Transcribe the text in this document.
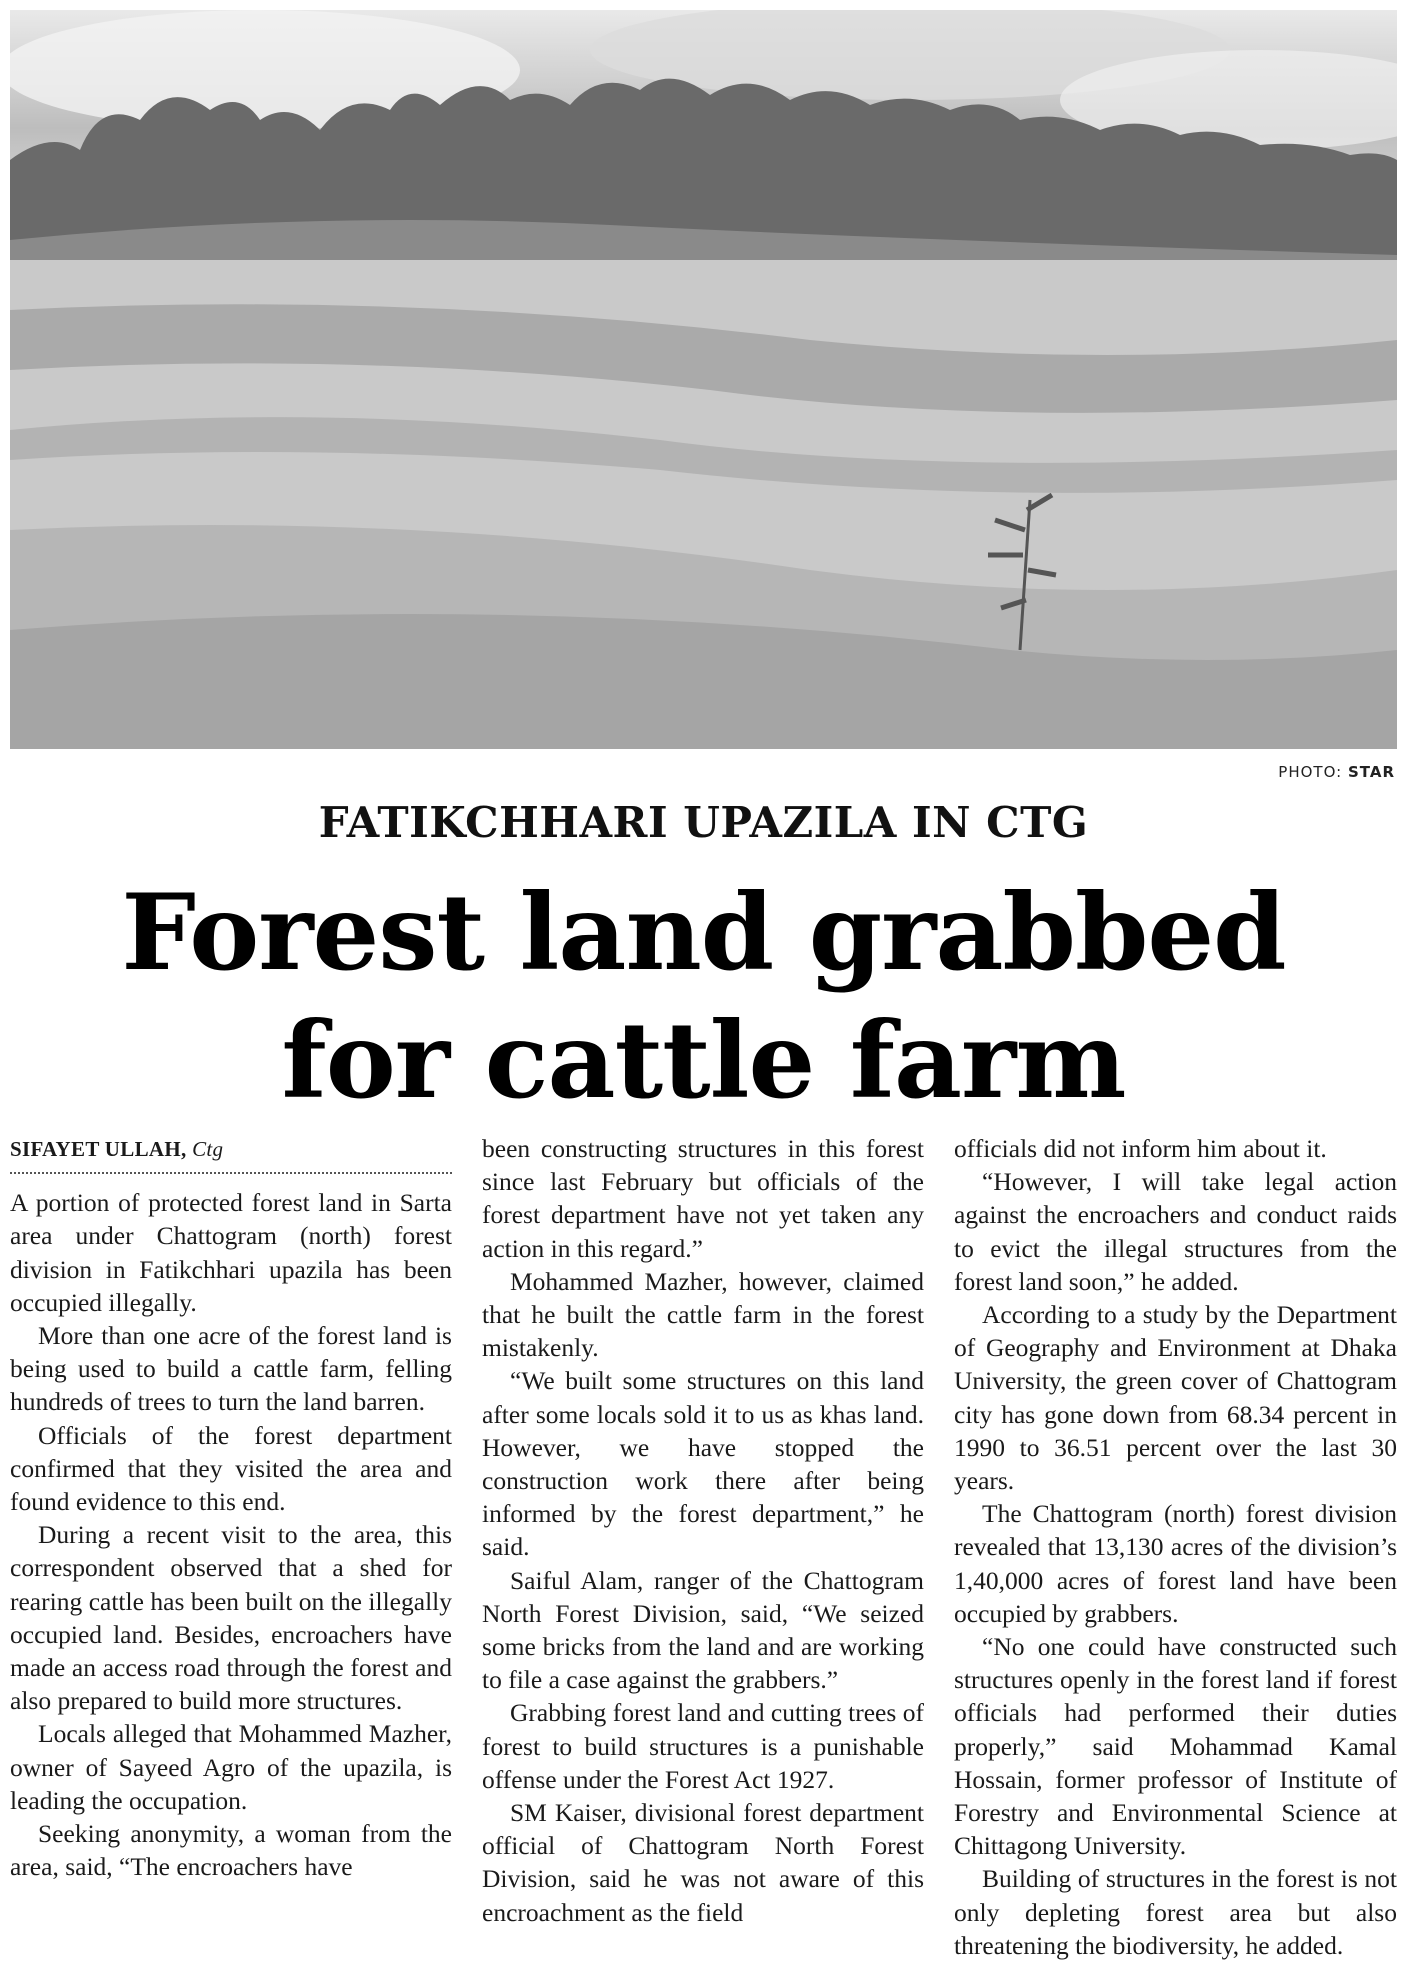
PHOTO: STAR
FATIKCHHARI UPAZILA IN CTG
Forest land grabbed
for cattle farm
SIFAYET ULLAH, Ctg

A portion of protected forest land in Sarta area under Chattogram (north) forest division in Fatikchhari upazila has been occupied illegally.

More than one acre of the forest land is being used to build a cattle farm, felling hundreds of trees to turn the land barren.

Officials of the forest department confirmed that they visited the area and found evidence to this end.

During a recent visit to the area, this correspondent observed that a shed for rearing cattle has been built on the illegally occupied land. Besides, encroachers have made an access road through the forest and also prepared to build more structures.

Locals alleged that Mohammed Mazher, owner of Sayeed Agro of the upazila, is leading the occupation.

Seeking anonymity, a woman from the area, said, “The encroachers have

been constructing structures in this forest since last February but officials of the forest department have not yet taken any action in this regard.”

Mohammed Mazher, however, claimed that he built the cattle farm in the forest mistakenly.

“We built some structures on this land after some locals sold it to us as khas land. However, we have stopped the construction work there after being informed by the forest department,” he said.

Saiful Alam, ranger of the Chattogram North Forest Division, said, “We seized some bricks from the land and are working to file a case against the grabbers.”

Grabbing forest land and cutting trees of forest to build structures is a punishable offense under the Forest Act 1927.

SM Kaiser, divisional forest department official of Chattogram North Forest Division, said he was not aware of this encroachment as the field

officials did not inform him about it.

“However, I will take legal action against the encroachers and conduct raids to evict the illegal structures from the forest land soon,” he added.

According to a study by the Department of Geography and Environment at Dhaka University, the green cover of Chattogram city has gone down from 68.34 percent in 1990 to 36.51 percent over the last 30 years.

The Chattogram (north) forest division revealed that 13,130 acres of the division’s 1,40,000 acres of forest land have been occupied by grabbers.

“No one could have constructed such structures openly in the forest land if forest officials had performed their duties properly,” said Mohammad Kamal Hossain, former professor of Institute of Forestry and Environmental Science at Chittagong University.

Building of structures in the forest is not only depleting forest area but also threatening the biodiversity, he added.
